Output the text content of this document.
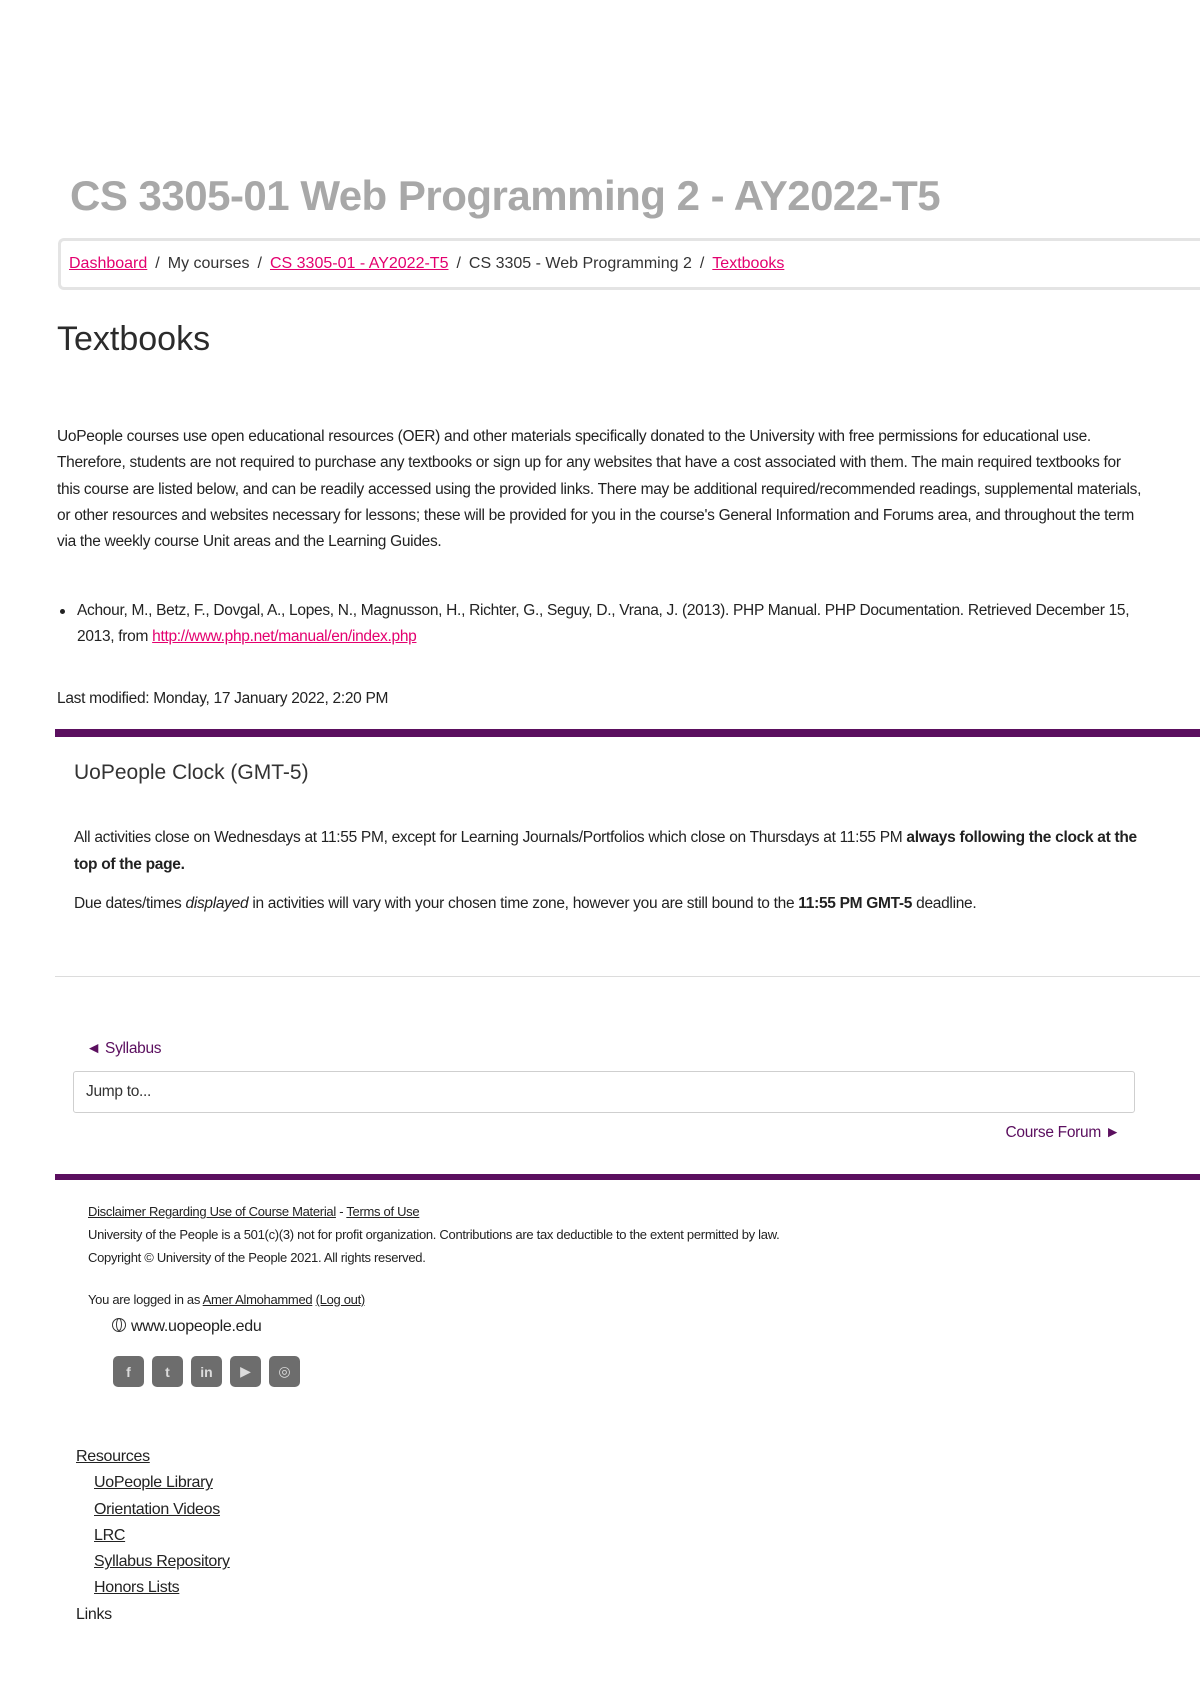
CS 3305-01 Web Programming 2 - AY2022-T5
Dashboard / My courses / CS 3305-01 - AY2022-T5 / CS 3305 - Web Programming 2 / Textbooks
Textbooks

UoPeople courses use open educational resources (OER) and other materials specifically donated to the University with free permissions for educational use. Therefore, students are not required to purchase any textbooks or sign up for any websites that have a cost associated with them. The main required textbooks for this course are listed below, and can be readily accessed using the provided links. There may be additional required/recommended readings, supplemental materials, or other resources and websites necessary for lessons; these will be provided for you in the course's General Information and Forums area, and throughout the term via the weekly course Unit areas and the Learning Guides.

Achour, M., Betz, F., Dovgal, A., Lopes, N., Magnusson, H., Richter, G., Seguy, D., Vrana, J. (2013). PHP Manual. PHP Documentation. Retrieved December 15, 2013, from http://www.php.net/manual/en/index.php
Last modified: Monday, 17 January 2022, 2:20 PM
UoPeople Clock (GMT-5)

All activities close on Wednesdays at 11:55 PM, except for Learning Journals/Portfolios which close on Thursdays at 11:55 PM always following the clock at the top of the page.

Due dates/times displayed in activities will vary with your chosen time zone, however you are still bound to the 11:55 PM GMT-5 deadline.

◄ Syllabus
Jump to...
Course Forum ►

Disclaimer Regarding Use of Course Material - Terms of Use

University of the People is a 501(c)(3) not for profit organization. Contributions are tax deductible to the extent permitted by law.

Copyright © University of the People 2021. All rights reserved.

You are logged in as Amer Almohammed (Log out)

www.uopeople.edu

f	t	in	▶	◎
Resources
UoPeople Library
Orientation Videos
LRC
Syllabus Repository
Honors Lists
Links
